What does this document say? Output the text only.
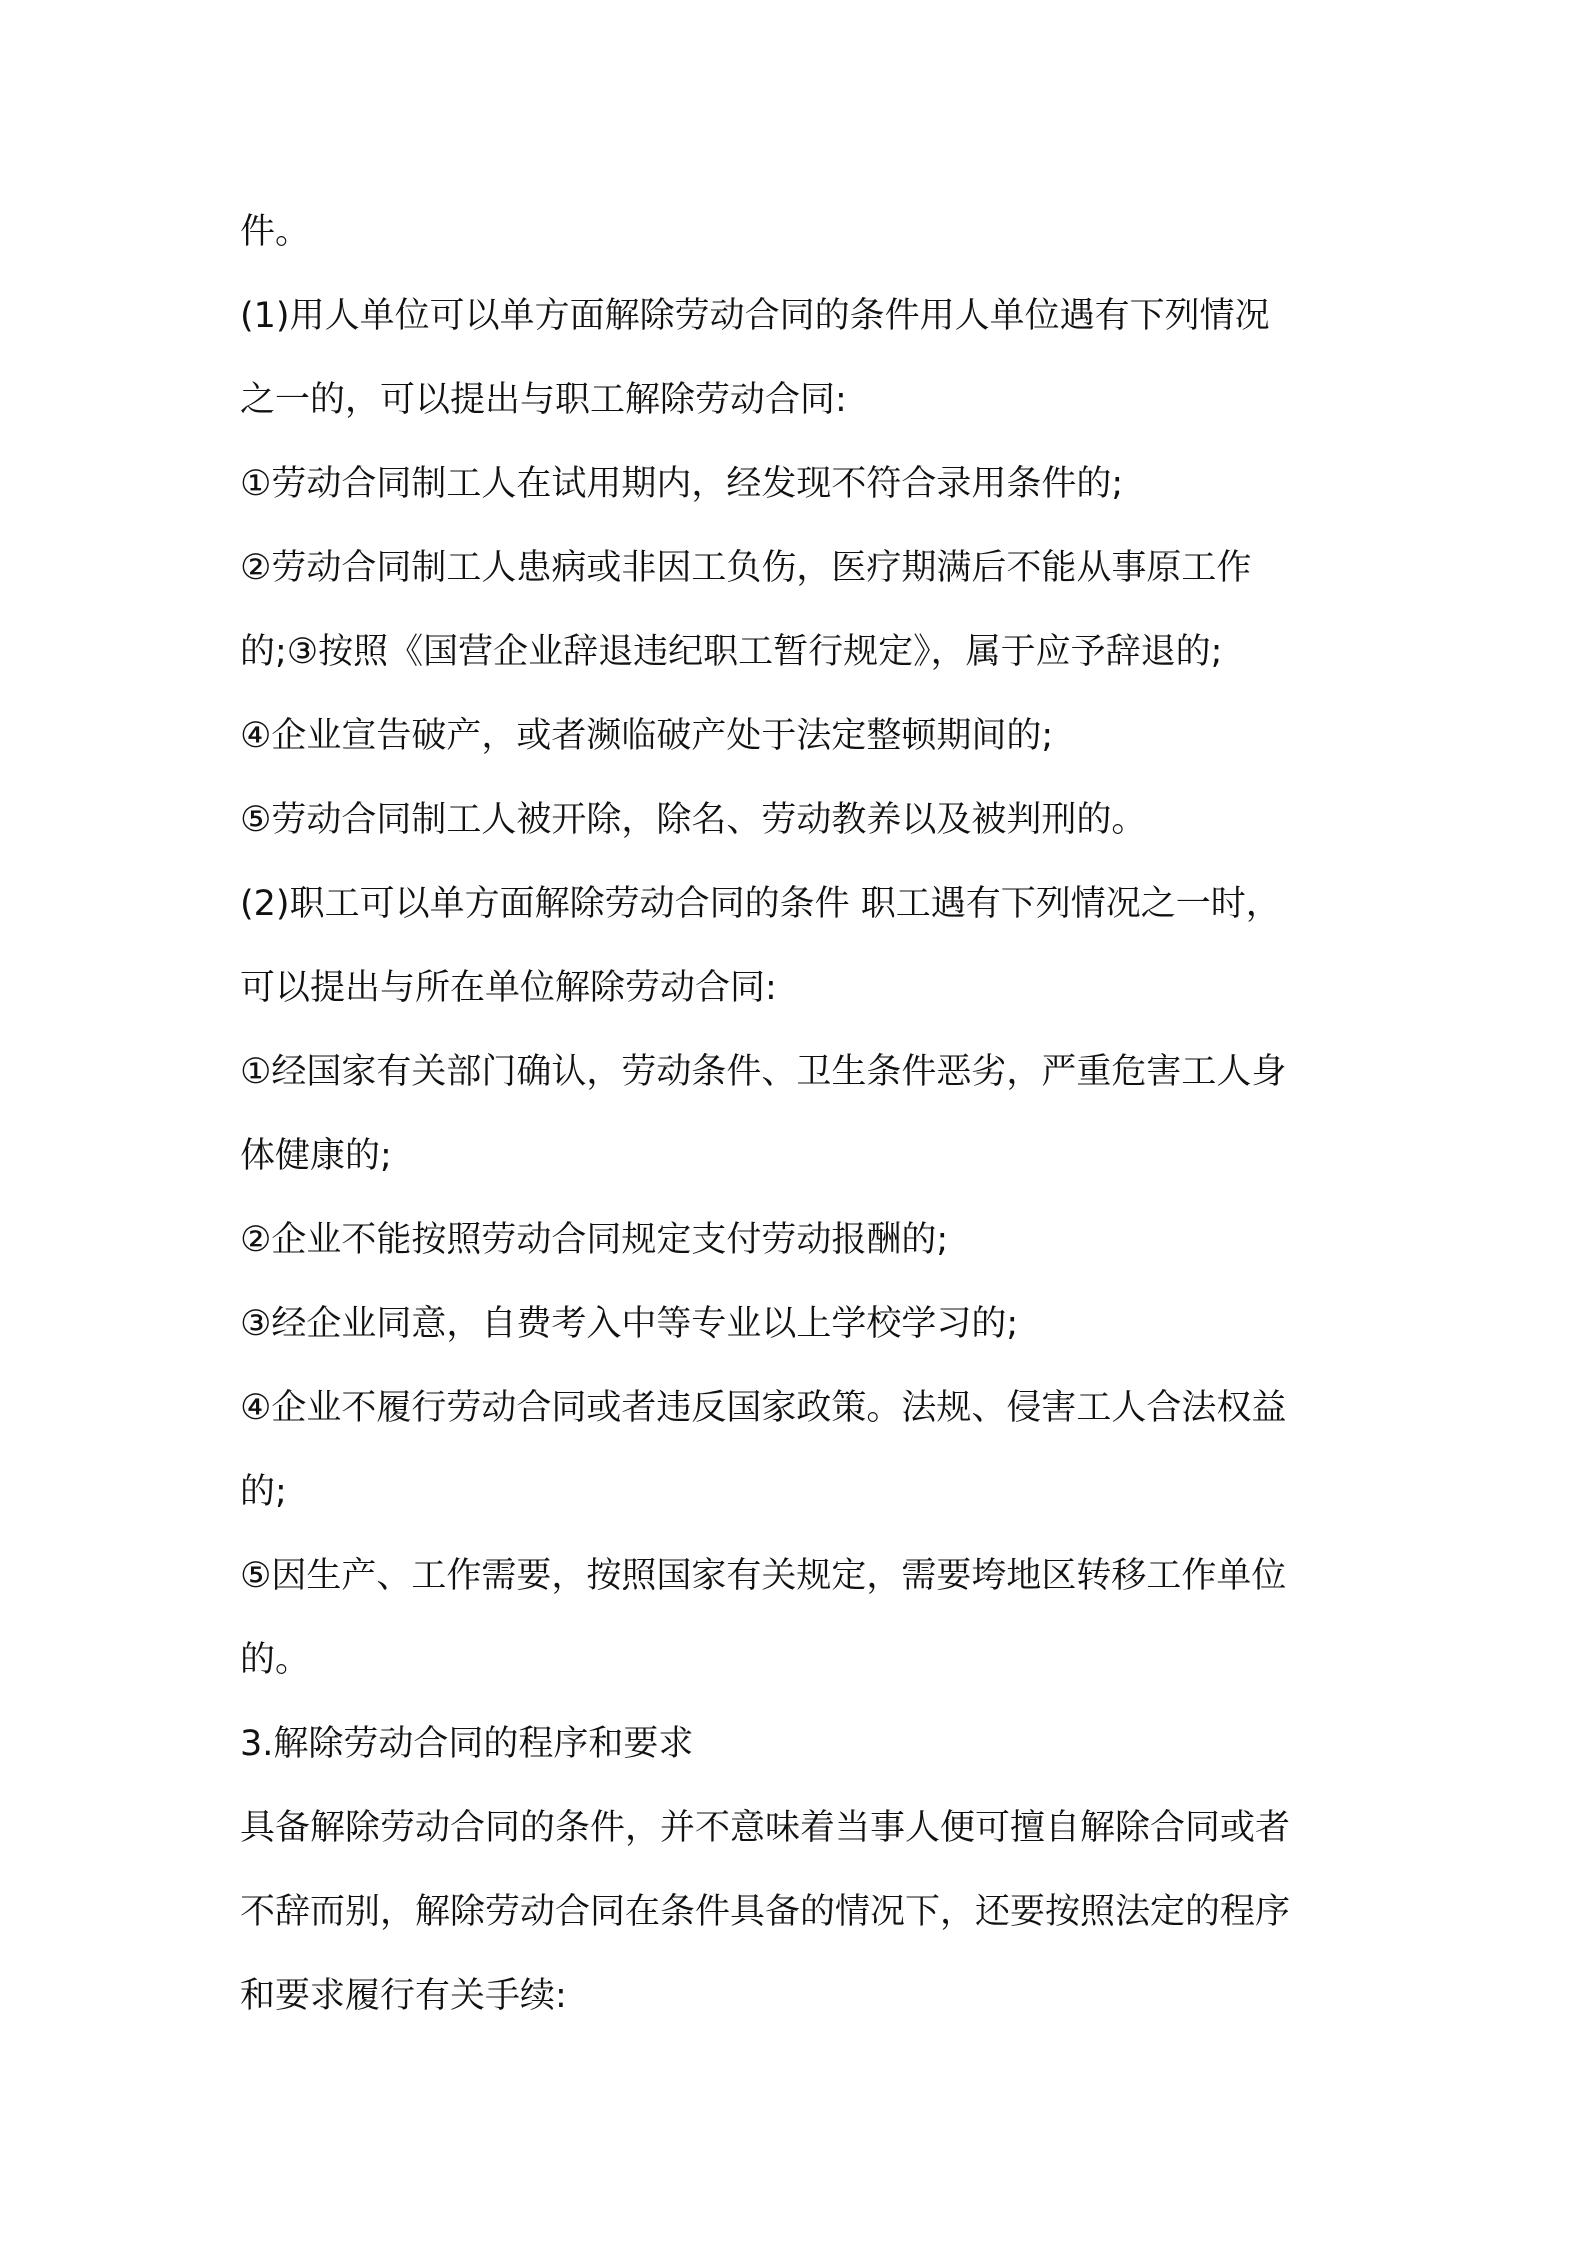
件。
(1)用人单位可以单方面解除劳动合同的条件用人单位遇有下列情况
之一的，可以提出与职工解除劳动合同:
①劳动合同制工人在试用期内，经发现不符合录用条件的;
②劳动合同制工人患病或非因工负伤，医疗期满后不能从事原工作
的;③按照《国营企业辞退违纪职工暂行规定》，属于应予辞退的;
④企业宣告破产，或者濒临破产处于法定整顿期间的;
⑤劳动合同制工人被开除，除名、劳动教养以及被判刑的。
(2)职工可以单方面解除劳动合同的条件 职工遇有下列情况之一时，
可以提出与所在单位解除劳动合同:
①经国家有关部门确认，劳动条件、卫生条件恶劣，严重危害工人身
体健康的;
②企业不能按照劳动合同规定支付劳动报酬的;
③经企业同意，自费考入中等专业以上学校学习的;
④企业不履行劳动合同或者违反国家政策。法规、侵害工人合法权益
的;
⑤因生产、工作需要，按照国家有关规定，需要垮地区转移工作单位
的。
3.解除劳动合同的程序和要求
具备解除劳动合同的条件，并不意味着当事人便可擅自解除合同或者
不辞而别，解除劳动合同在条件具备的情况下，还要按照法定的程序
和要求履行有关手续:
